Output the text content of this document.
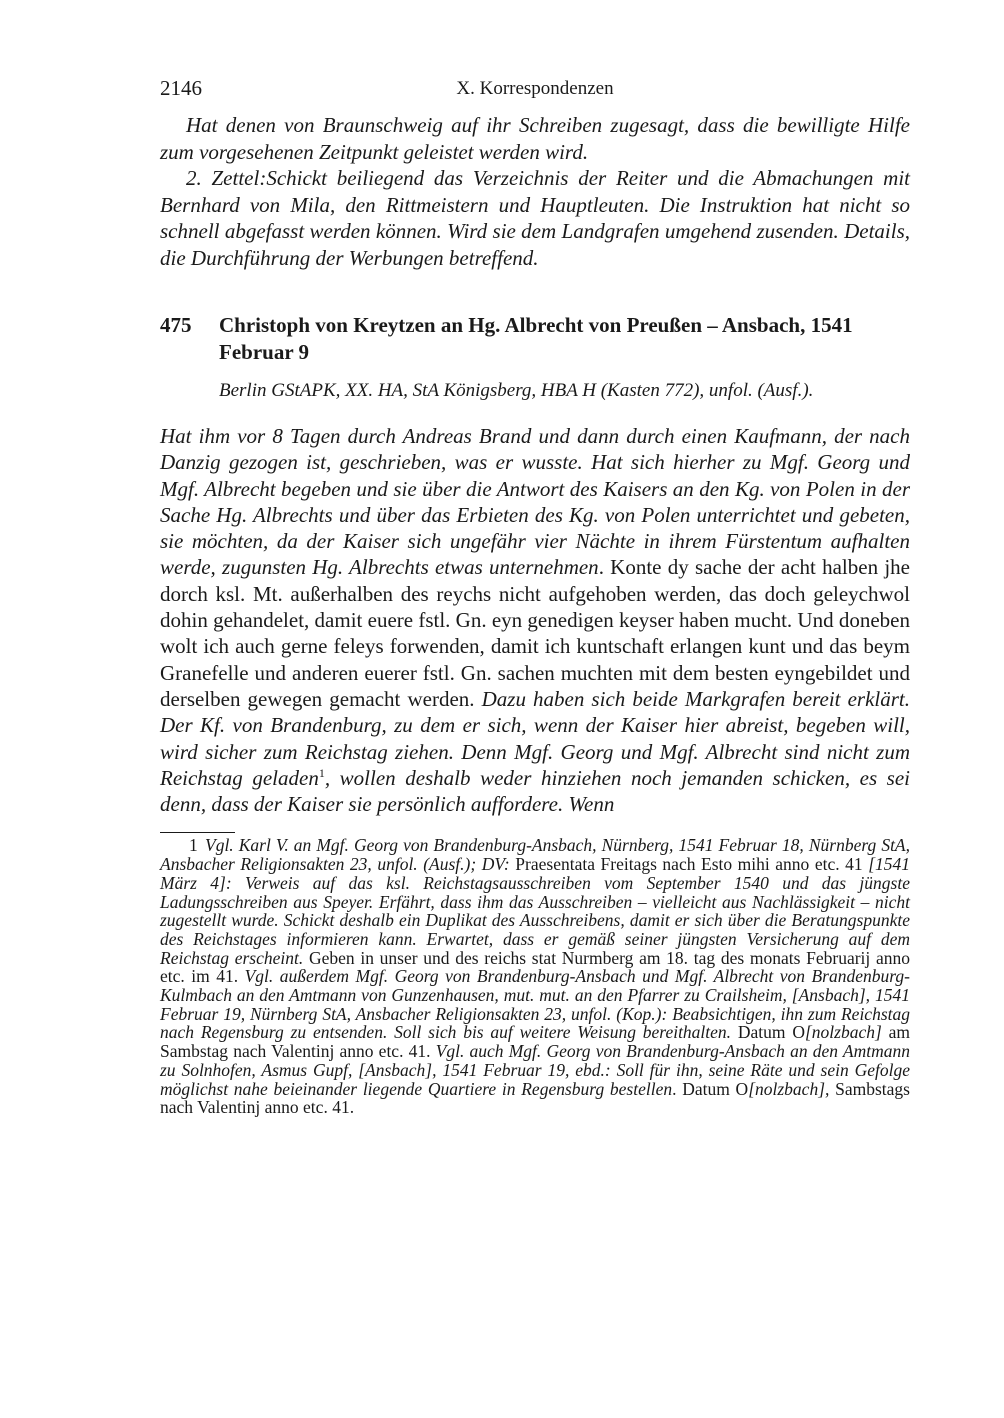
2146	X. Korrespondenzen

Hat denen von Braunschweig auf ihr Schreiben zugesagt, dass die bewilligte Hilfe zum vorgesehenen Zeitpunkt geleistet werden wird.

2. Zettel:Schickt beiliegend das Verzeichnis der Reiter und die Abmachungen mit Bernhard von Mila, den Rittmeistern und Hauptleuten. Die Instruktion hat nicht so schnell abgefasst werden können. Wird sie dem Landgrafen umgehend zusenden. Details, die Durchführung der Werbungen betreffend.

475	Christoph von Kreytzen an Hg. Albrecht von Preußen – Ansbach, 1541 Februar 9
Berlin GStAPK, XX. HA, StA Königsberg, HBA H (Kasten 772), unfol. (Ausf.).
Hat ihm vor 8 Tagen durch Andreas Brand und dann durch einen Kaufmann, der nach Danzig gezogen ist, geschrieben, was er wusste. Hat sich hierher zu Mgf. Georg und Mgf. Albrecht begeben und sie über die Antwort des Kaisers an den Kg. von Polen in der Sache Hg. Albrechts und über das Erbieten des Kg. von Polen unterrichtet und gebeten, sie möchten, da der Kaiser sich ungefähr vier Nächte in ihrem Fürstentum aufhalten werde, zugunsten Hg. Albrechts etwas unternehmen. Konte dy sache der acht halben jhe dorch ksl. Mt. außerhalben des reychs nicht aufgehoben werden, das doch geleychwol dohin gehandelet, damit euere fstl. Gn. eyn genedigen keyser haben mucht. Und doneben wolt ich auch gerne feleys forwenden, damit ich kuntschaft erlangen kunt und das beym Granefelle und anderen euerer fstl. Gn. sachen muchten mit dem besten eyngebildet und derselben gewegen gemacht werden. Dazu haben sich beide Markgrafen bereit erklärt. Der Kf. von Brandenburg, zu dem er sich, wenn der Kaiser hier abreist, begeben will, wird sicher zum Reichstag ziehen. Denn Mgf. Georg und Mgf. Albrecht sind nicht zum Reichstag geladen$^1$, wollen deshalb weder hinziehen noch jemanden schicken, es sei denn, dass der Kaiser sie persönlich auffordere. Wenn
1 Vgl. Karl V. an Mgf. Georg von Brandenburg-Ansbach, Nürnberg, 1541 Februar 18, Nürnberg StA, Ansbacher Religionsakten 23, unfol. (Ausf.); DV: Praesentata Freitags nach Esto mihi anno etc. 41 [1541 März 4]: Verweis auf das ksl. Reichstagsausschreiben vom September 1540 und das jüngste Ladungsschreiben aus Speyer. Erfährt, dass ihm das Ausschreiben – vielleicht aus Nachlässigkeit – nicht zugestellt wurde. Schickt deshalb ein Duplikat des Ausschreibens, damit er sich über die Beratungspunkte des Reichstages informieren kann. Erwartet, dass er gemäß seiner jüngsten Versicherung auf dem Reichstag erscheint. Geben in unser und des reichs stat Nurmberg am 18. tag des monats Februarij anno etc. im 41. Vgl. außerdem Mgf. Georg von Brandenburg-Ansbach und Mgf. Albrecht von Brandenburg-Kulmbach an den Amtmann von Gunzenhausen, mut. mut. an den Pfarrer zu Crailsheim, [Ansbach], 1541 Februar 19, Nürnberg StA, Ansbacher Religionsakten 23, unfol. (Kop.): Beabsichtigen, ihn zum Reichstag nach Regensburg zu entsenden. Soll sich bis auf weitere Weisung bereithalten. Datum O[nolzbach] am Sambstag nach Valentinj anno etc. 41. Vgl. auch Mgf. Georg von Brandenburg-Ansbach an den Amtmann zu Solnhofen, Asmus Gupf, [Ansbach], 1541 Februar 19, ebd.: Soll für ihn, seine Räte und sein Gefolge möglichst nahe beieinander liegende Quartiere in Regensburg bestellen. Datum O[nolzbach], Sambstags nach Valentinj anno etc. 41.
